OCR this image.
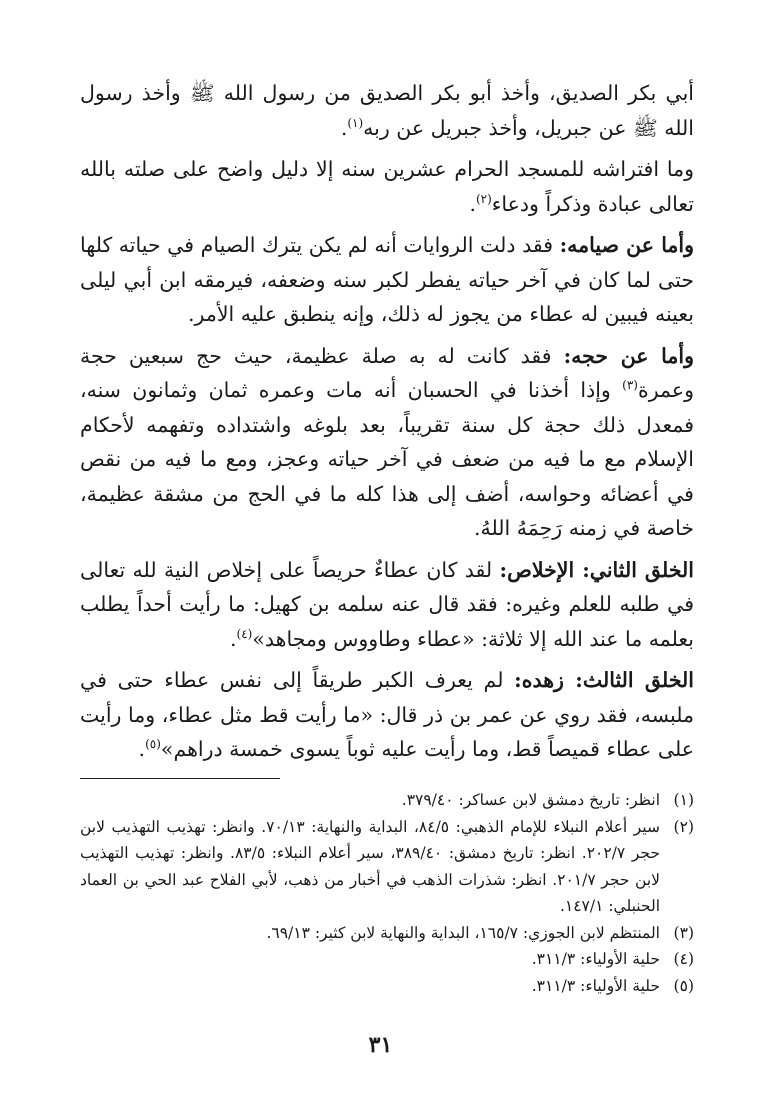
أبي بكر الصديق، وأخذ أبو بكر الصديق من رسول الله ﷺ وأخذ رسول الله ﷺ عن جبريل، وأخذ جبريل عن ربه$^{(١)}$.

وما افتراشه للمسجد الحرام عشرين سنه إلا دليل واضح على صلته بالله تعالى عبادة وذكراً ودعاء$^{(٢)}$.

وأما عن صيامه: فقد دلت الروايات أنه لم يكن يترك الصيام في حياته كلها حتى لما كان في آخر حياته يفطر لكبر سنه وضعفه، فيرمقه ابن أبي ليلى بعينه فيبين له عطاء من يجوز له ذلك، وإنه ينطبق عليه الأمر.

وأما عن حجه: فقد كانت له به صلة عظيمة، حيث حج سبعين حجة وعمرة$^{(٣)}$ وإذا أخذنا في الحسبان أنه مات وعمره ثمان وثمانون سنه، فمعدل ذلك حجة كل سنة تقريباً، بعد بلوغه واشتداده وتفهمه لأحكام الإسلام مع ما فيه من ضعف في آخر حياته وعجز، ومع ما فيه من نقص في أعضائه وحواسه، أضف إلى هذا كله ما في الحج من مشقة عظيمة، خاصة في زمنه رَحِمَهُ اللهُ.

الخلق الثاني: الإخلاص: لقد كان عطاءٌ حريصاً على إخلاص النية لله تعالى في طلبه للعلم وغيره: فقد قال عنه سلمه بن كهيل: ما رأيت أحداً يطلب بعلمه ما عند الله إلا ثلاثة: «عطاء وطاووس ومجاهد»$^{(٤)}$.

الخلق الثالث: زهده: لم يعرف الكبر طريقاً إلى نفس عطاء حتى في ملبسه، فقد روي عن عمر بن ذر قال: «ما رأيت قط مثل عطاء، وما رأيت على عطاء قميصاً قط، وما رأيت عليه ثوباً يسوى خمسة دراهم»$^{(٥)}$.

(١)
انظر: تاريخ دمشق لابن عساكر: ٣٧٩/٤٠.
(٢)
سير أعلام النبلاء للإمام الذهبي: ٨٤/٥، البداية والنهاية: ٧٠/١٣. وانظر: تهذيب التهذيب لابن حجر ٢٠٢/٧. انظر: تاريخ دمشق: ٣٨٩/٤٠، سير أعلام النبلاء: ٨٣/٥. وانظر: تهذيب التهذيب لابن حجر ٢٠١/٧. انظر: شذرات الذهب في أخبار من ذهب، لأبي الفلاح عبد الحي بن العماد الحنبلي: ١٤٧/١.
(٣)
المنتظم لابن الجوزي: ١٦٥/٧، البداية والنهاية لابن كثير: ٦٩/١٣.
(٤)
حلية الأولياء: ٣١١/٣.
(٥)
حلية الأولياء: ٣١١/٣.
٣١
